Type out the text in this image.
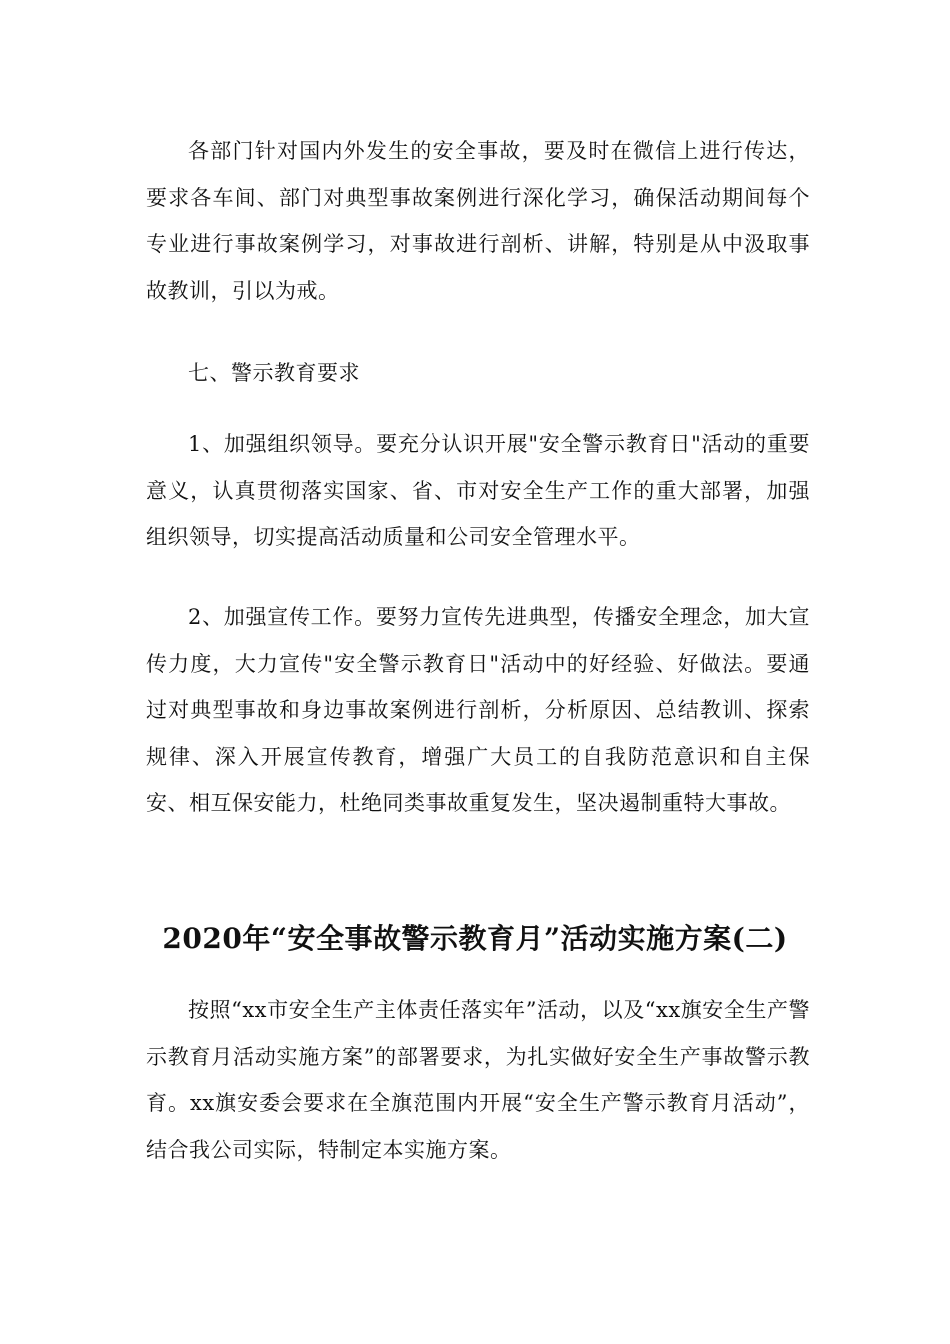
各部门针对国内外发生的安全事故，要及时在微信上进行传达，要求各车间、部门对典型事故案例进行深化学习，确保活动期间每个专业进行事故案例学习，对事故进行剖析、讲解，特别是从中汲取事故教训，引以为戒。

七、警示教育要求

1、加强组织领导。要充分认识开展"安全警示教育日"活动的重要意义，认真贯彻落实国家、省、市对安全生产工作的重大部署，加强组织领导，切实提高活动质量和公司安全管理水平。

2、加强宣传工作。要努力宣传先进典型，传播安全理念，加大宣传力度，大力宣传"安全警示教育日"活动中的好经验、好做法。要通过对典型事故和身边事故案例进行剖析，分析原因、总结教训、探索规律、深入开展宣传教育，增强广大员工的自我防范意识和自主保安、相互保安能力，杜绝同类事故重复发生，坚决遏制重特大事故。

2020年“安全事故警示教育月”活动实施方案(二)

按照“xx市安全生产主体责任落实年”活动，以及“xx旗安全生产警示教育月活动实施方案”的部署要求，为扎实做好安全生产事故警示教育。xx旗安委会要求在全旗范围内开展“安全生产警示教育月活动”，结合我公司实际，特制定本实施方案。
